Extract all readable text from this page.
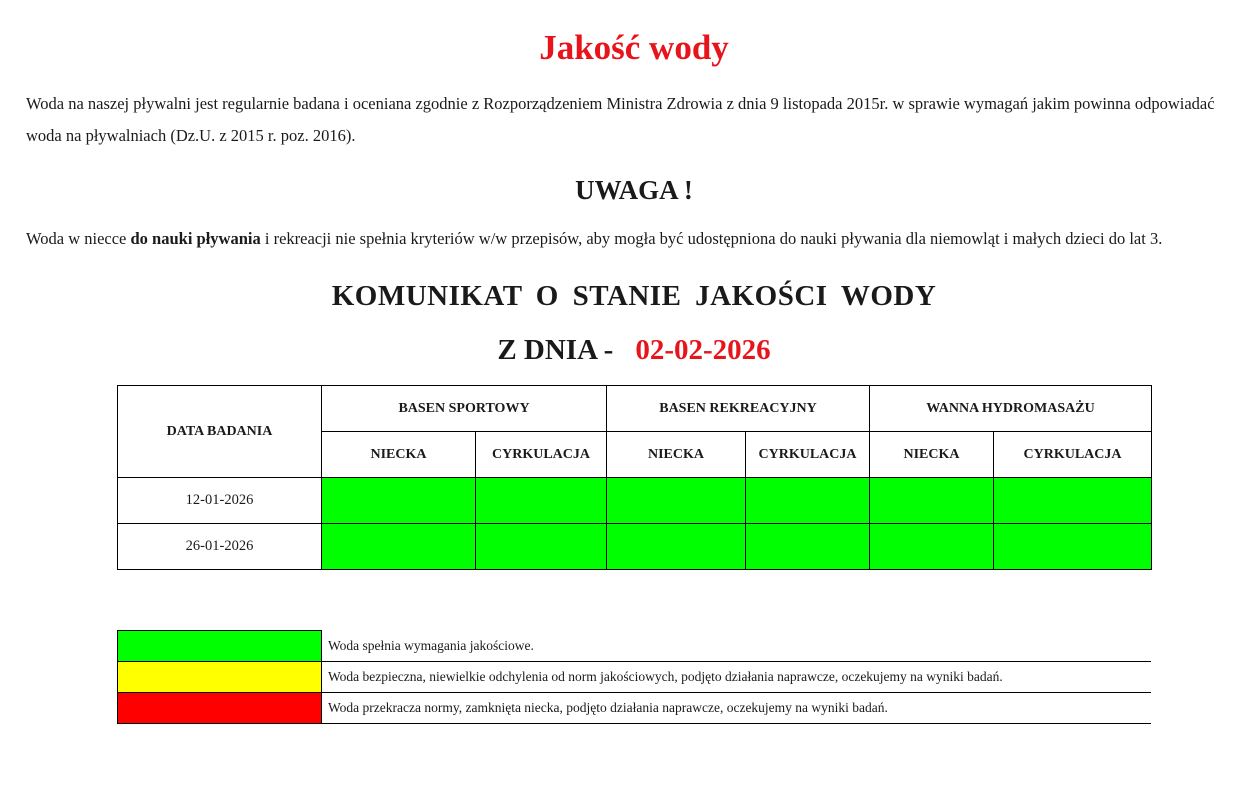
Jakość wody

Woda na naszej pływalni jest regularnie badana i oceniana zgodnie z Rozporządzeniem Ministra Zdrowia z dnia 9 listopada 2015r. w sprawie wymagań jakim powinna odpowiadać woda na pływalniach (Dz.U. z 2015 r. poz. 2016).

UWAGA !

Woda w niecce do nauki pływania i rekreacji nie spełnia kryteriów w/w przepisów, aby mogła być udostępniona do nauki pływania dla niemowląt i małych dzieci do lat 3.

KOMUNIKAT O STANIE JAKOŚCI WODY
Z DNIA - 02-02-2026
DATA BADANIA	BASEN SPORTOWY		BASEN REKREACYJNY		WANNA HYDROMASAŻU	
	NIECKA	CYRKULACJA	NIECKA	CYRKULACJA	NIECKA	CYRKULACJA
12-01-2026						
26-01-2026						
	Woda spełnia wymagania jakościowe.
	Woda bezpieczna, niewielkie odchylenia od norm jakościowych, podjęto działania naprawcze, oczekujemy na wyniki badań.
	Woda przekracza normy, zamknięta niecka, podjęto działania naprawcze, oczekujemy na wyniki badań.
